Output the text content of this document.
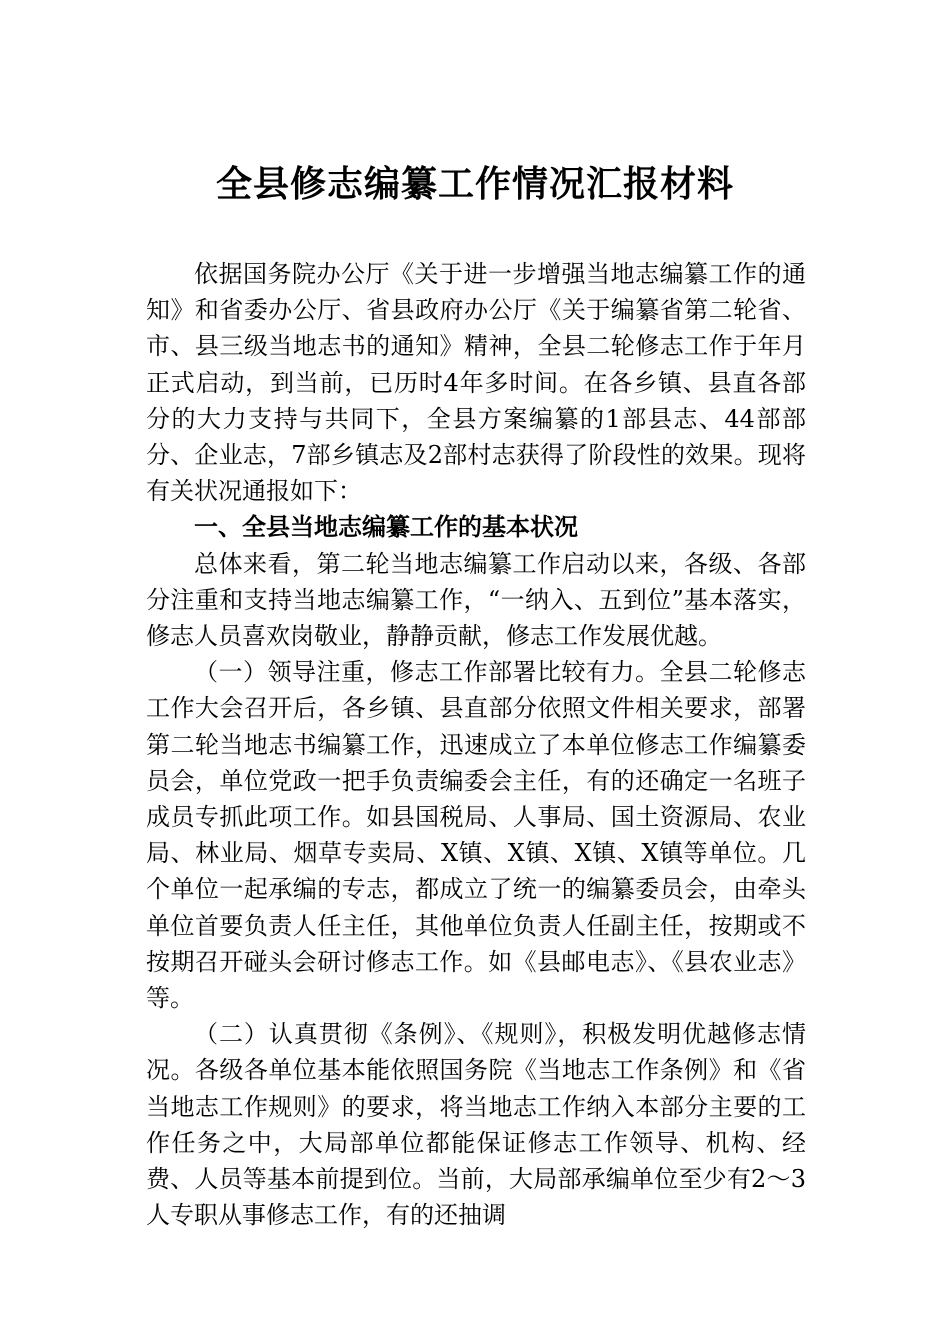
全县修志编纂工作情况汇报材料

依据国务院办公厅《关于进一步增强当地志编纂工作的通知》和省委办公厅、省县政府办公厅《关于编纂省第二轮省、市、县三级当地志书的通知》精神，全县二轮修志工作于年月正式启动，到当前，已历时4年多时间。在各乡镇、县直各部分的大力支持与共同下，全县方案编纂的1部县志、44部部分、企业志，7部乡镇志及2部村志获得了阶段性的效果。现将有关状况通报如下：

一、全县当地志编纂工作的基本状况

总体来看，第二轮当地志编纂工作启动以来，各级、各部分注重和支持当地志编纂工作，“一纳入、五到位”基本落实，修志人员喜欢岗敬业，静静贡献，修志工作发展优越。

（一）领导注重，修志工作部署比较有力。全县二轮修志工作大会召开后，各乡镇、县直部分依照文件相关要求，部署第二轮当地志书编纂工作，迅速成立了本单位修志工作编纂委员会，单位党政一把手负责编委会主任，有的还确定一名班子成员专抓此项工作。如县国税局、人事局、国土资源局、农业局、林业局、烟草专卖局、X镇、X镇、X镇、X镇等单位。几个单位一起承编的专志，都成立了统一的编纂委员会，由牵头单位首要负责人任主任，其他单位负责人任副主任，按期或不按期召开碰头会研讨修志工作。如《县邮电志》、《县农业志》等。

（二）认真贯彻《条例》、《规则》，积极发明优越修志情况。各级各单位基本能依照国务院《当地志工作条例》和《省当地志工作规则》的要求，将当地志工作纳入本部分主要的工作任务之中，大局部单位都能保证修志工作领导、机构、经费、人员等基本前提到位。当前，大局部承编单位至少有2～3人专职从事修志工作，有的还抽调
